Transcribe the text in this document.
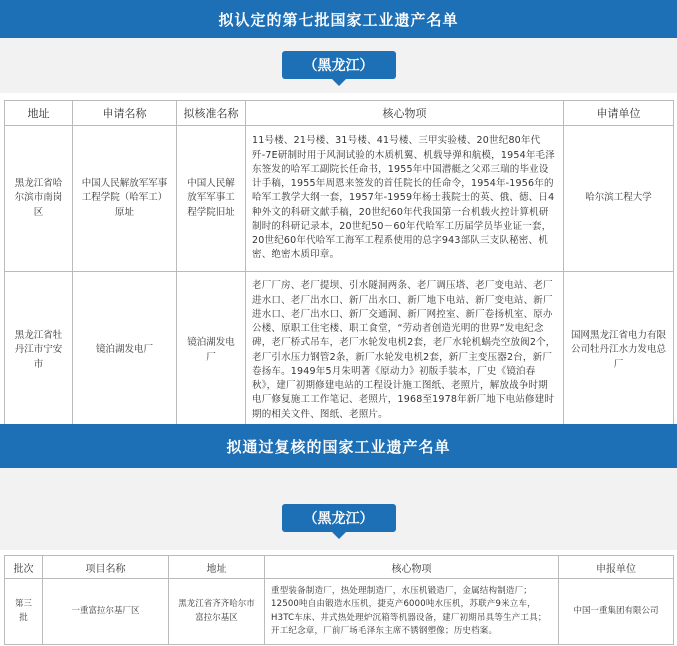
拟认定的第七批国家工业遗产名单
（黑龙江）
地址	申请名称	拟核准名称	核心物项	申请单位
黑龙江省哈尔滨市南岗区	中国人民解放军军事工程学院（哈军工）原址	中国人民解放军军事工程学院旧址	11号楼、21号楼、31号楼、41号楼、三甲实验楼、20世纪80年代歼-7E研制时用于风洞试验的木质机翼、机载导弹和航模，1954年毛泽东签发的哈军工副院长任命书，1955年中国潜艇之父邓三瑞的毕业设计手稿，1955年周恩来签发的首任院长的任命令，1954年-1956年的哈军工教学大纲一套，1957年-1959年杨士莪院士的英、俄、德、日4种外文的科研文献手稿，20世纪60年代我国第一台机载火控计算机研制时的科研记录本，20世纪50－60年代哈军工历届学员毕业证一套，20世纪60年代哈军工海军工程系使用的总字943部队三支队秘密、机密、绝密木质印章。	哈尔滨工程大学
黑龙江省牡丹江市宁安市	镜泊湖发电厂	镜泊湖发电厂	老厂厂房、老厂提坝、引水隧洞两条、老厂调压塔、老厂变电站、老厂进水口、老厂出水口、新厂出水口、新厂地下电站、新厂变电站、新厂进水口、老厂出水口、新厂交通洞、新厂网控室、新厂卷扬机室、原办公楼、原职工住宅楼、职工食堂，“劳动者创造光明的世界”发电纪念碑，老厂桥式吊车，老厂水轮发电机2套，老厂水轮机蜗壳空放阀2个，老厂引水压力钢管2条，新厂水轮发电机2套，新厂主变压器2台，新厂卷扬车。1949年5月朱明著《原动力》初版手装本，厂史《镜泊春秋》，建厂初期修建电站的工程设计施工图纸、老照片，解放战争时期电厂修复施工工作笔记、老照片，1968至1978年新厂地下电站修建时期的相关文件、图纸、老照片。	国网黑龙江省电力有限公司牡丹江水力发电总厂
拟通过复核的国家工业遗产名单
（黑龙江）
批次	项目名称	地址	核心物项	申报单位
第三批	一重富拉尔基厂区	黑龙江省齐齐哈尔市富拉尔基区	重型装备制造厂，热处理制造厂，水压机锻造厂，金属结构制造厂；12500吨自由锻造水压机，捷克产6000吨水压机，苏联产9米立车，H3TC车床、井式热处理炉沉箱等机器设备，建厂初期吊具等生产工具；开工纪念章，厂前厂场毛泽东主席不锈钢塑像；历史档案。	中国一重集团有限公司
